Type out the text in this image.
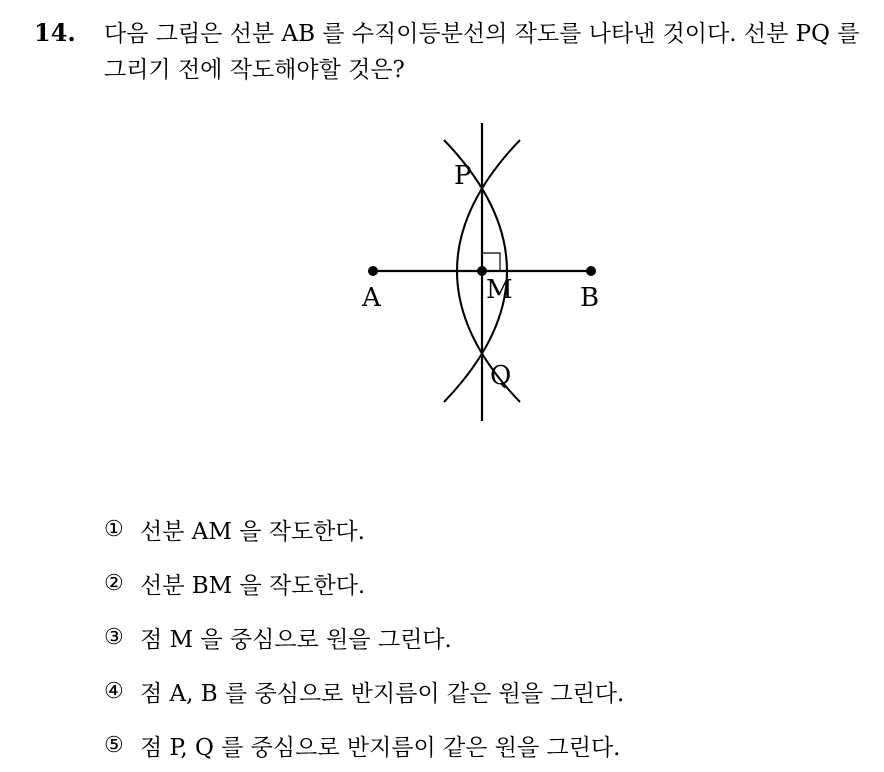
14. 다음 그림은 선분 AB 를 수직이등분선의 작도를 나타낸 것이다. 선분 PQ 를 그리기 전에 작도해야할 것은?
P
A	M	B
Q
① 선분 AM 을 작도한다.
② 선분 BM 을 작도한다.
③ 점 M 을 중심으로 원을 그린다.
④ 점 A, B 를 중심으로 반지름이 같은 원을 그린다.
⑤ 점 P, Q 를 중심으로 반지름이 같은 원을 그린다.
